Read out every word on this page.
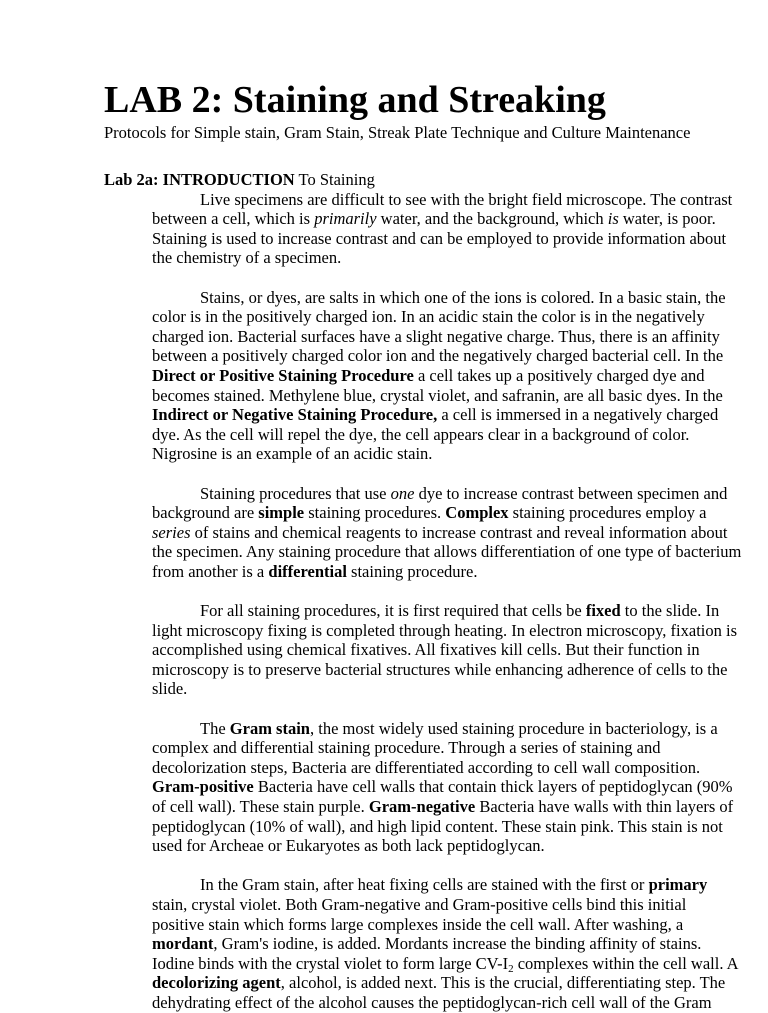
LAB 2: Staining and Streaking
Protocols for Simple stain, Gram Stain, Streak Plate Technique and Culture Maintenance

Lab 2a: INTRODUCTION To Staining

Live specimens are difficult to see with the bright field microscope. The contrast
between a cell, which is primarily water, and the background, which is water, is poor.
Staining is used to increase contrast and can be employed to provide information about
the chemistry of a specimen.

Stains, or dyes, are salts in which one of the ions is colored. In a basic stain, the
color is in the positively charged ion. In an acidic stain the color is in the negatively
charged ion. Bacterial surfaces have a slight negative charge. Thus, there is an affinity
between a positively charged color ion and the negatively charged bacterial cell. In the
Direct or Positive Staining Procedure a cell takes up a positively charged dye and
becomes stained. Methylene blue, crystal violet, and safranin, are all basic dyes. In the
Indirect or Negative Staining Procedure, a cell is immersed in a negatively charged
dye. As the cell will repel the dye, the cell appears clear in a background of color.
Nigrosine is an example of an acidic stain.

Staining procedures that use one dye to increase contrast between specimen and
background are simple staining procedures. Complex staining procedures employ a
series of stains and chemical reagents to increase contrast and reveal information about
the specimen. Any staining procedure that allows differentiation of one type of bacterium
from another is a differential staining procedure.

For all staining procedures, it is first required that cells be fixed to the slide. In
light microscopy fixing is completed through heating. In electron microscopy, fixation is
accomplished using chemical fixatives. All fixatives kill cells. But their function in
microscopy is to preserve bacterial structures while enhancing adherence of cells to the
slide.

The Gram stain, the most widely used staining procedure in bacteriology, is a
complex and differential staining procedure. Through a series of staining and
decolorization steps, Bacteria are differentiated according to cell wall composition.
Gram-positive Bacteria have cell walls that contain thick layers of peptidoglycan (90%
of cell wall). These stain purple. Gram-negative Bacteria have walls with thin layers of
peptidoglycan (10% of wall), and high lipid content. These stain pink. This stain is not
used for Archeae or Eukaryotes as both lack peptidoglycan.

In the Gram stain, after heat fixing cells are stained with the first or primary
stain, crystal violet. Both Gram-negative and Gram-positive cells bind this initial
positive stain which forms large complexes inside the cell wall. After washing, a
mordant, Gram's iodine, is added. Mordants increase the binding affinity of stains.
Iodine binds with the crystal violet to form large $CV-I_2$ complexes within the cell wall. A
decolorizing agent, alcohol, is added next. This is the crucial, differentiating step. The
dehydrating effect of the alcohol causes the peptidoglycan-rich cell wall of the Gram
